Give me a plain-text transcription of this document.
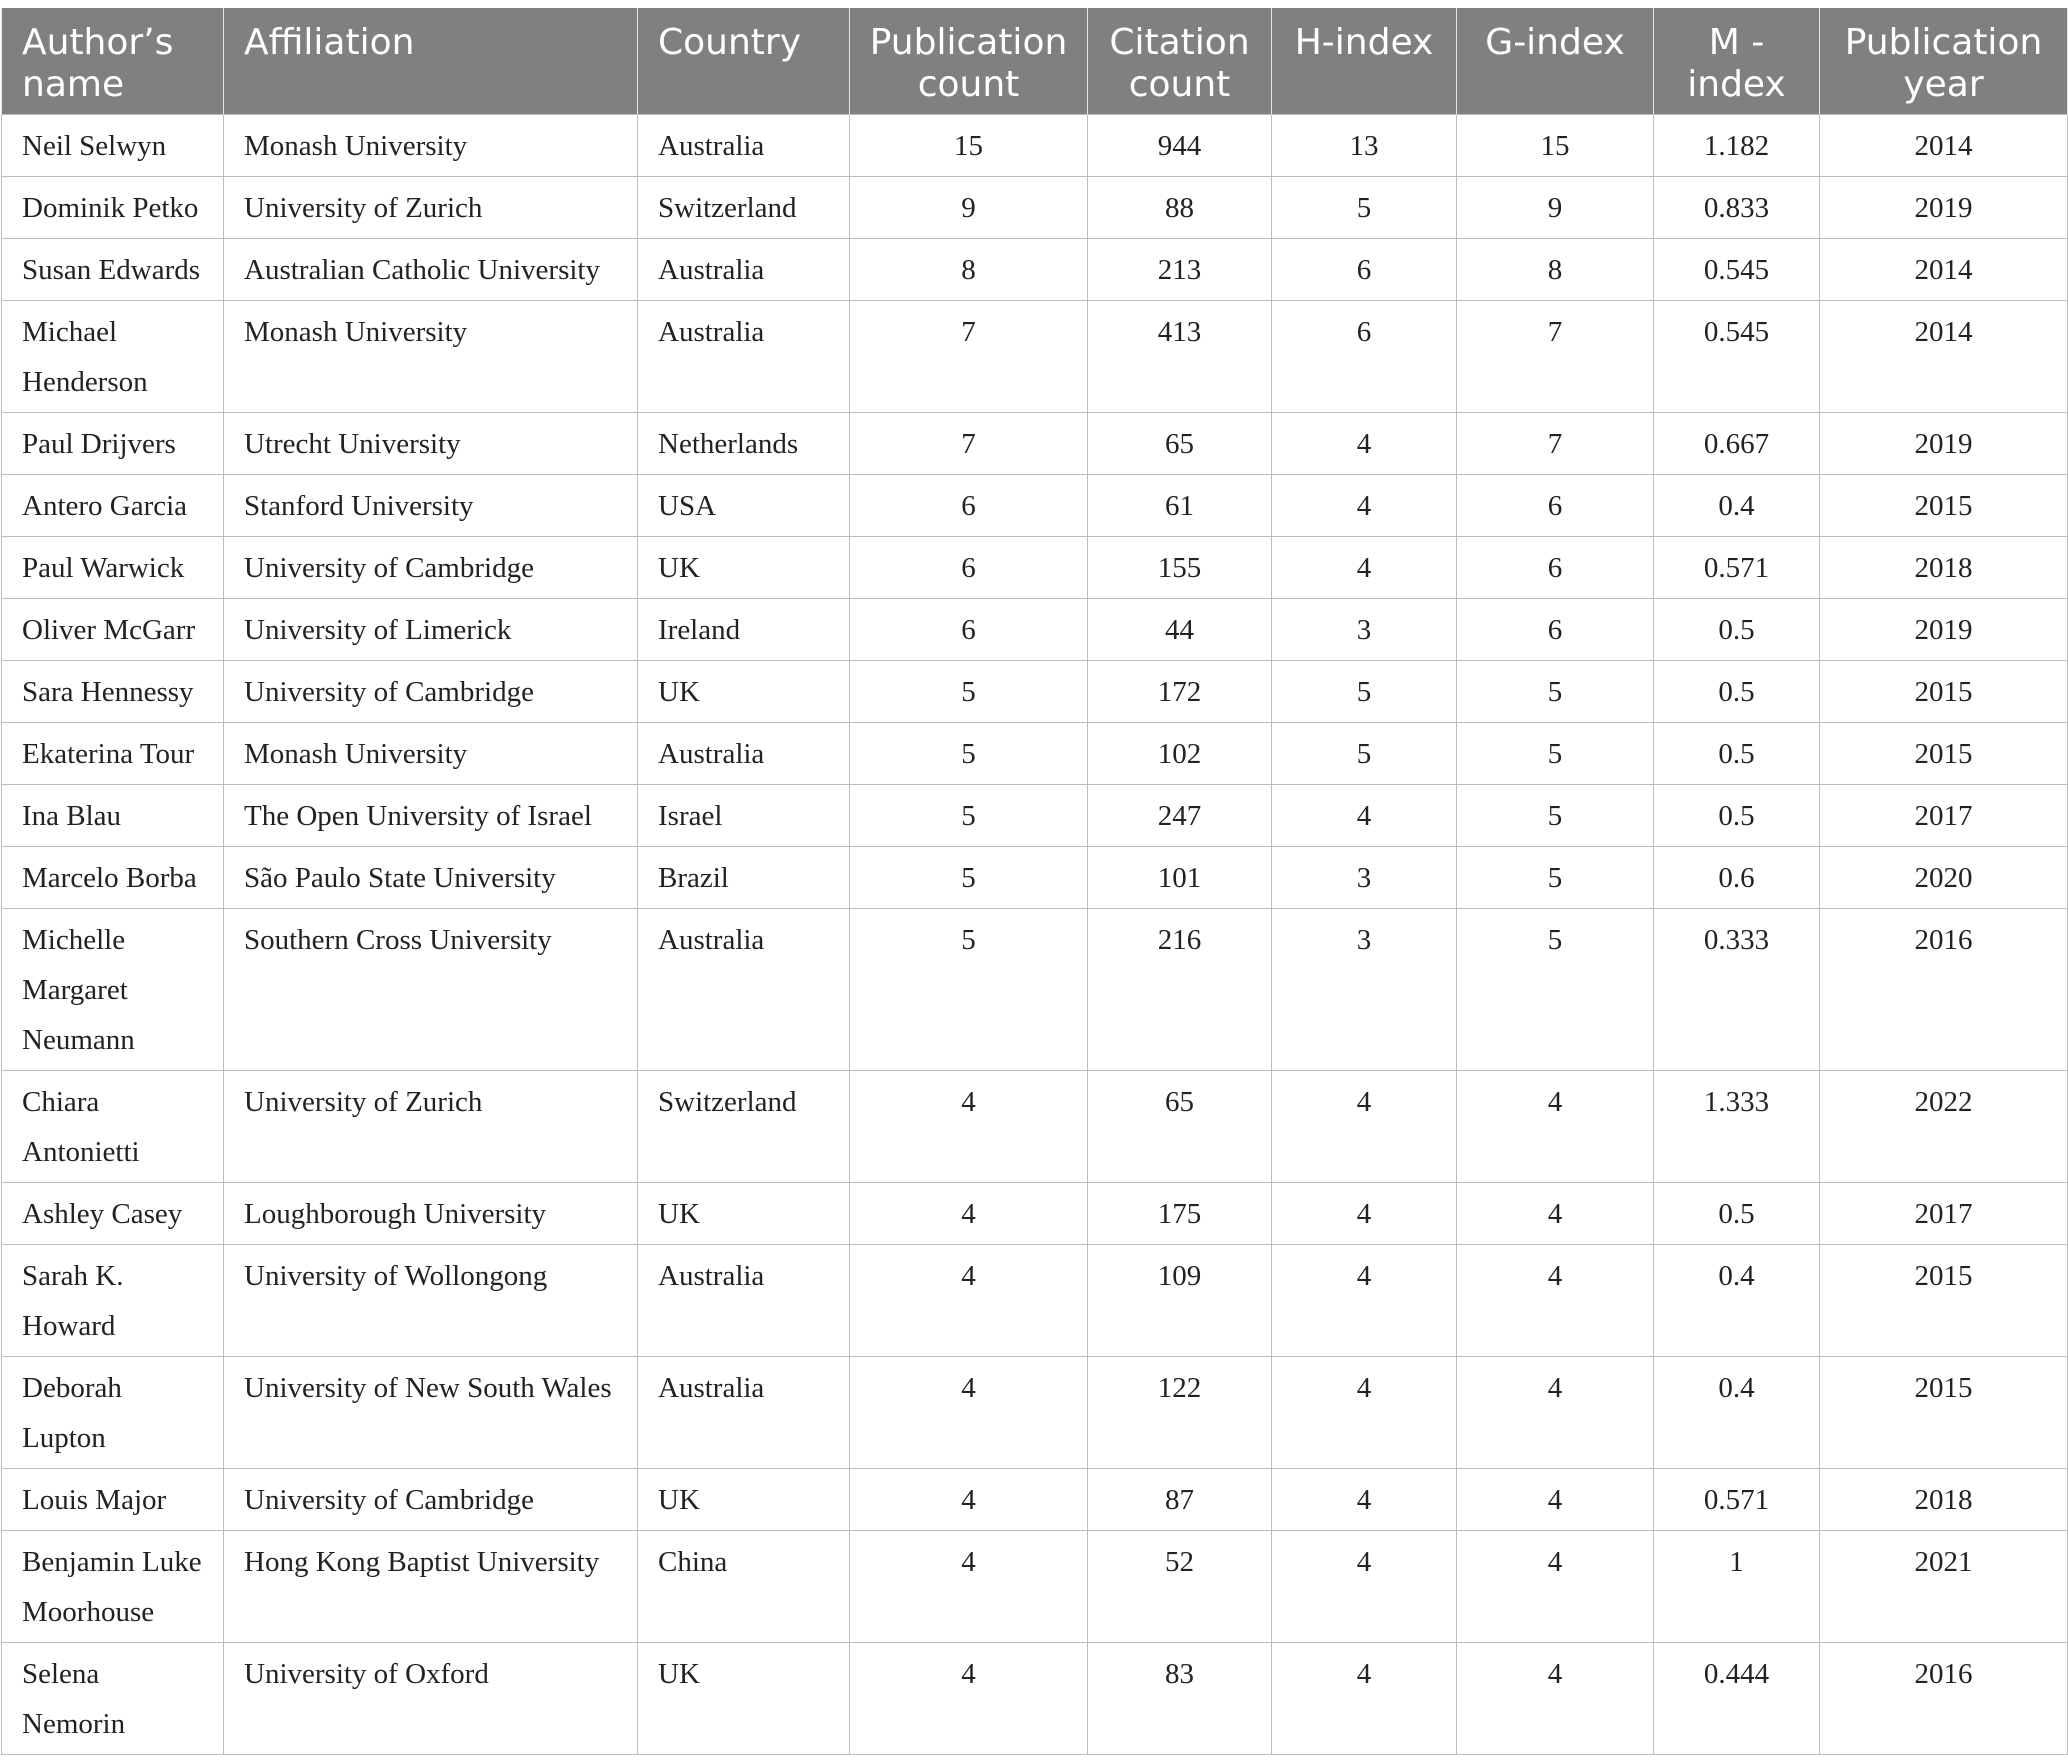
Author’s name	Affiliation	Country	Publication count	Citation count	H-index	G-index	M -index	Publication year
Neil Selwyn	Monash University	Australia	15	944	13	15	1.182	2014
Dominik Petko	University of Zurich	Switzerland	9	88	5	9	0.833	2019
Susan Edwards	Australian Catholic University	Australia	8	213	6	8	0.545	2014
Michael Henderson	Monash University	Australia	7	413	6	7	0.545	2014
Paul Drijvers	Utrecht University	Netherlands	7	65	4	7	0.667	2019
Antero Garcia	Stanford University	USA	6	61	4	6	0.4	2015
Paul Warwick	University of Cambridge	UK	6	155	4	6	0.571	2018
Oliver McGarr	University of Limerick	Ireland	6	44	3	6	0.5	2019
Sara Hennessy	University of Cambridge	UK	5	172	5	5	0.5	2015
Ekaterina Tour	Monash University	Australia	5	102	5	5	0.5	2015
Ina Blau	The Open University of Israel	Israel	5	247	4	5	0.5	2017
Marcelo Borba	São Paulo State University	Brazil	5	101	3	5	0.6	2020
Michelle Margaret Neumann	Southern Cross University	Australia	5	216	3	5	0.333	2016
Chiara Antonietti	University of Zurich	Switzerland	4	65	4	4	1.333	2022
Ashley Casey	Loughborough University	UK	4	175	4	4	0.5	2017
Sarah K. Howard	University of Wollongong	Australia	4	109	4	4	0.4	2015
Deborah Lupton	University of New South Wales	Australia	4	122	4	4	0.4	2015
Louis Major	University of Cambridge	UK	4	87	4	4	0.571	2018
Benjamin Luke Moorhouse	Hong Kong Baptist University	China	4	52	4	4	1	2021
Selena Nemorin	University of Oxford	UK	4	83	4	4	0.444	2016
